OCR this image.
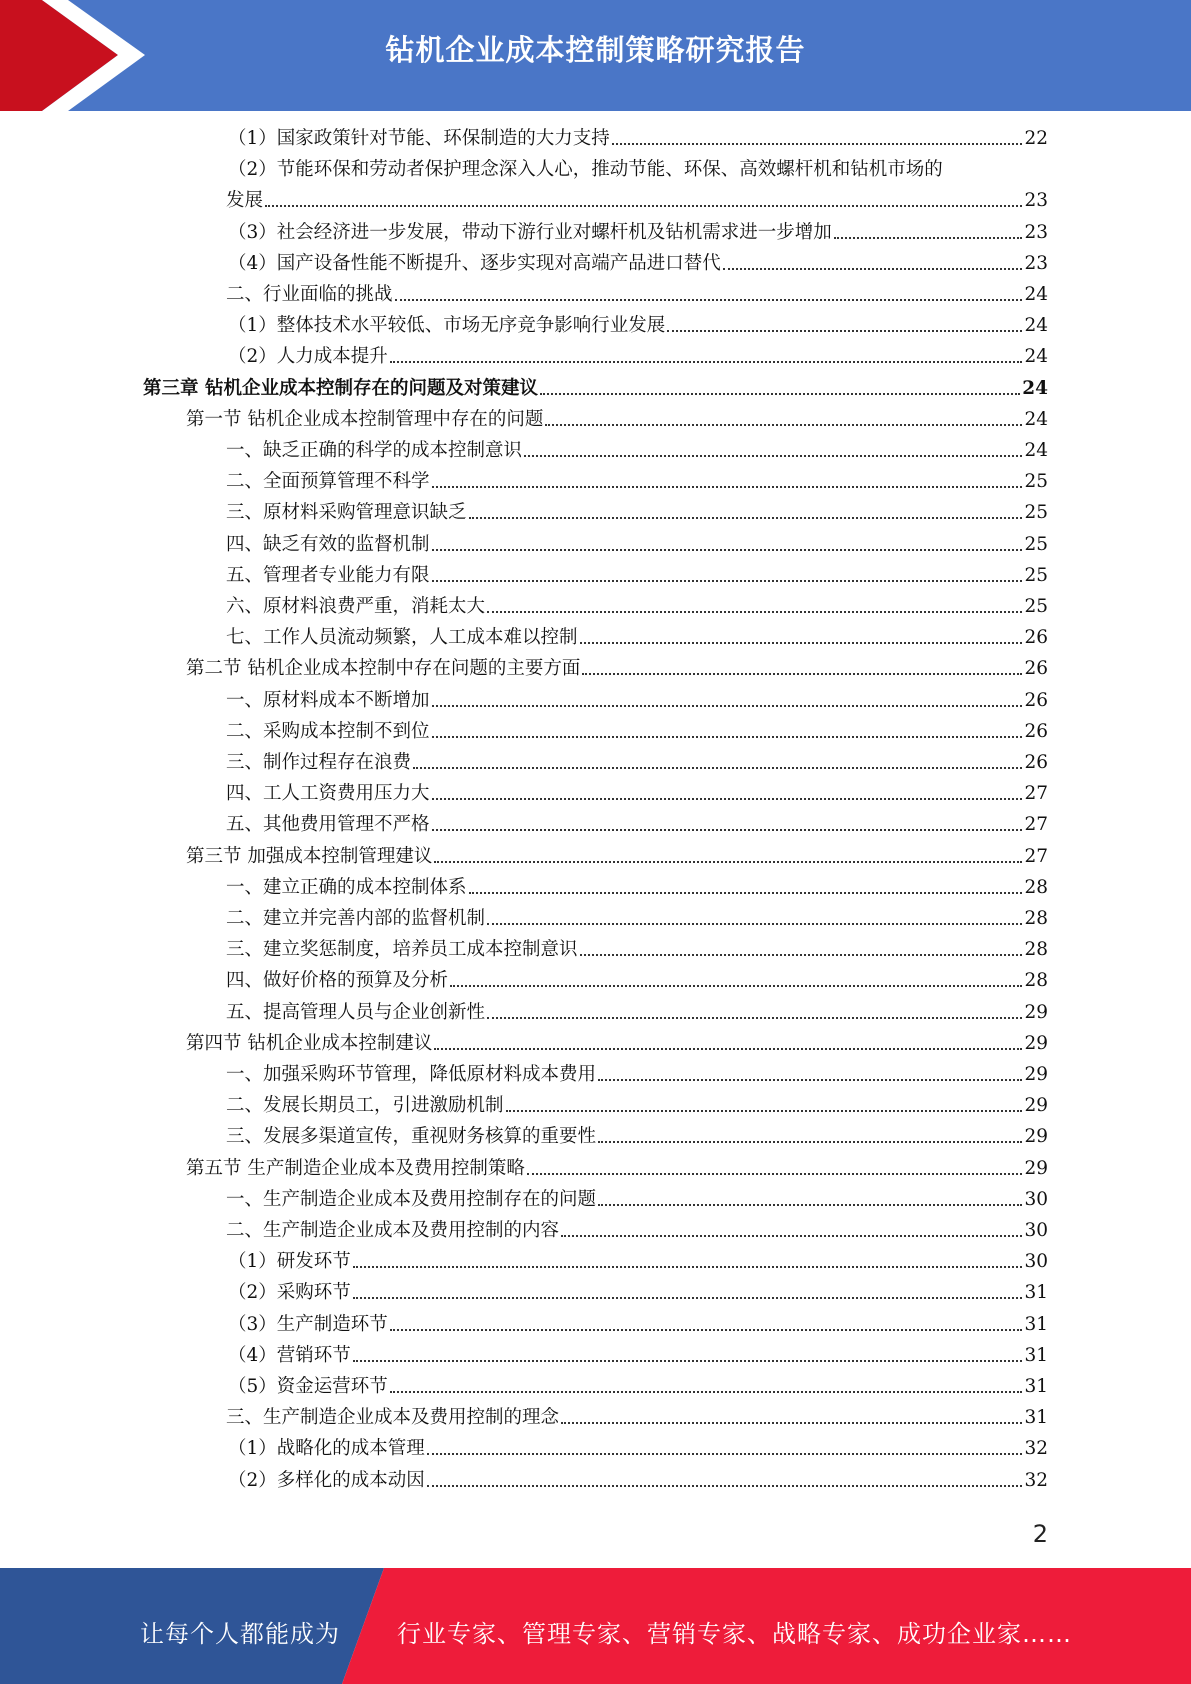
钻机企业成本控制策略研究报告
（1）国家政策针对节能、环保制造的大力支持	22
（2）节能环保和劳动者保护理念深入人心，推动节能、环保、高效螺杆机和钻机市场的
发展	23
（3）社会经济进一步发展，带动下游行业对螺杆机及钻机需求进一步增加	23
（4）国产设备性能不断提升、逐步实现对高端产品进口替代	23
二、行业面临的挑战	24
（1）整体技术水平较低、市场无序竞争影响行业发展	24
（2）人力成本提升	24
第三章 钻机企业成本控制存在的问题及对策建议	24
第一节 钻机企业成本控制管理中存在的问题	24
一、缺乏正确的科学的成本控制意识	24
二、全面预算管理不科学	25
三、原材料采购管理意识缺乏	25
四、缺乏有效的监督机制	25
五、管理者专业能力有限	25
六、原材料浪费严重，消耗太大	25
七、工作人员流动频繁，人工成本难以控制	26
第二节 钻机企业成本控制中存在问题的主要方面	26
一、原材料成本不断增加	26
二、采购成本控制不到位	26
三、制作过程存在浪费	26
四、工人工资费用压力大	27
五、其他费用管理不严格	27
第三节 加强成本控制管理建议	27
一、建立正确的成本控制体系	28
二、建立并完善内部的监督机制	28
三、建立奖惩制度，培养员工成本控制意识	28
四、做好价格的预算及分析	28
五、提高管理人员与企业创新性	29
第四节 钻机企业成本控制建议	29
一、加强采购环节管理，降低原材料成本费用	29
二、发展长期员工，引进激励机制	29
三、发展多渠道宣传，重视财务核算的重要性	29
第五节 生产制造企业成本及费用控制策略	29
一、生产制造企业成本及费用控制存在的问题	30
二、生产制造企业成本及费用控制的内容	30
（1）研发环节	30
（2）采购环节	31
（3）生产制造环节	31
（4）营销环节	31
（5）资金运营环节	31
三、生产制造企业成本及费用控制的理念	31
（1）战略化的成本管理	32
（2）多样化的成本动因	32
2
让每个人都能成为 行业专家、管理专家、营销专家、战略专家、成功企业家……
